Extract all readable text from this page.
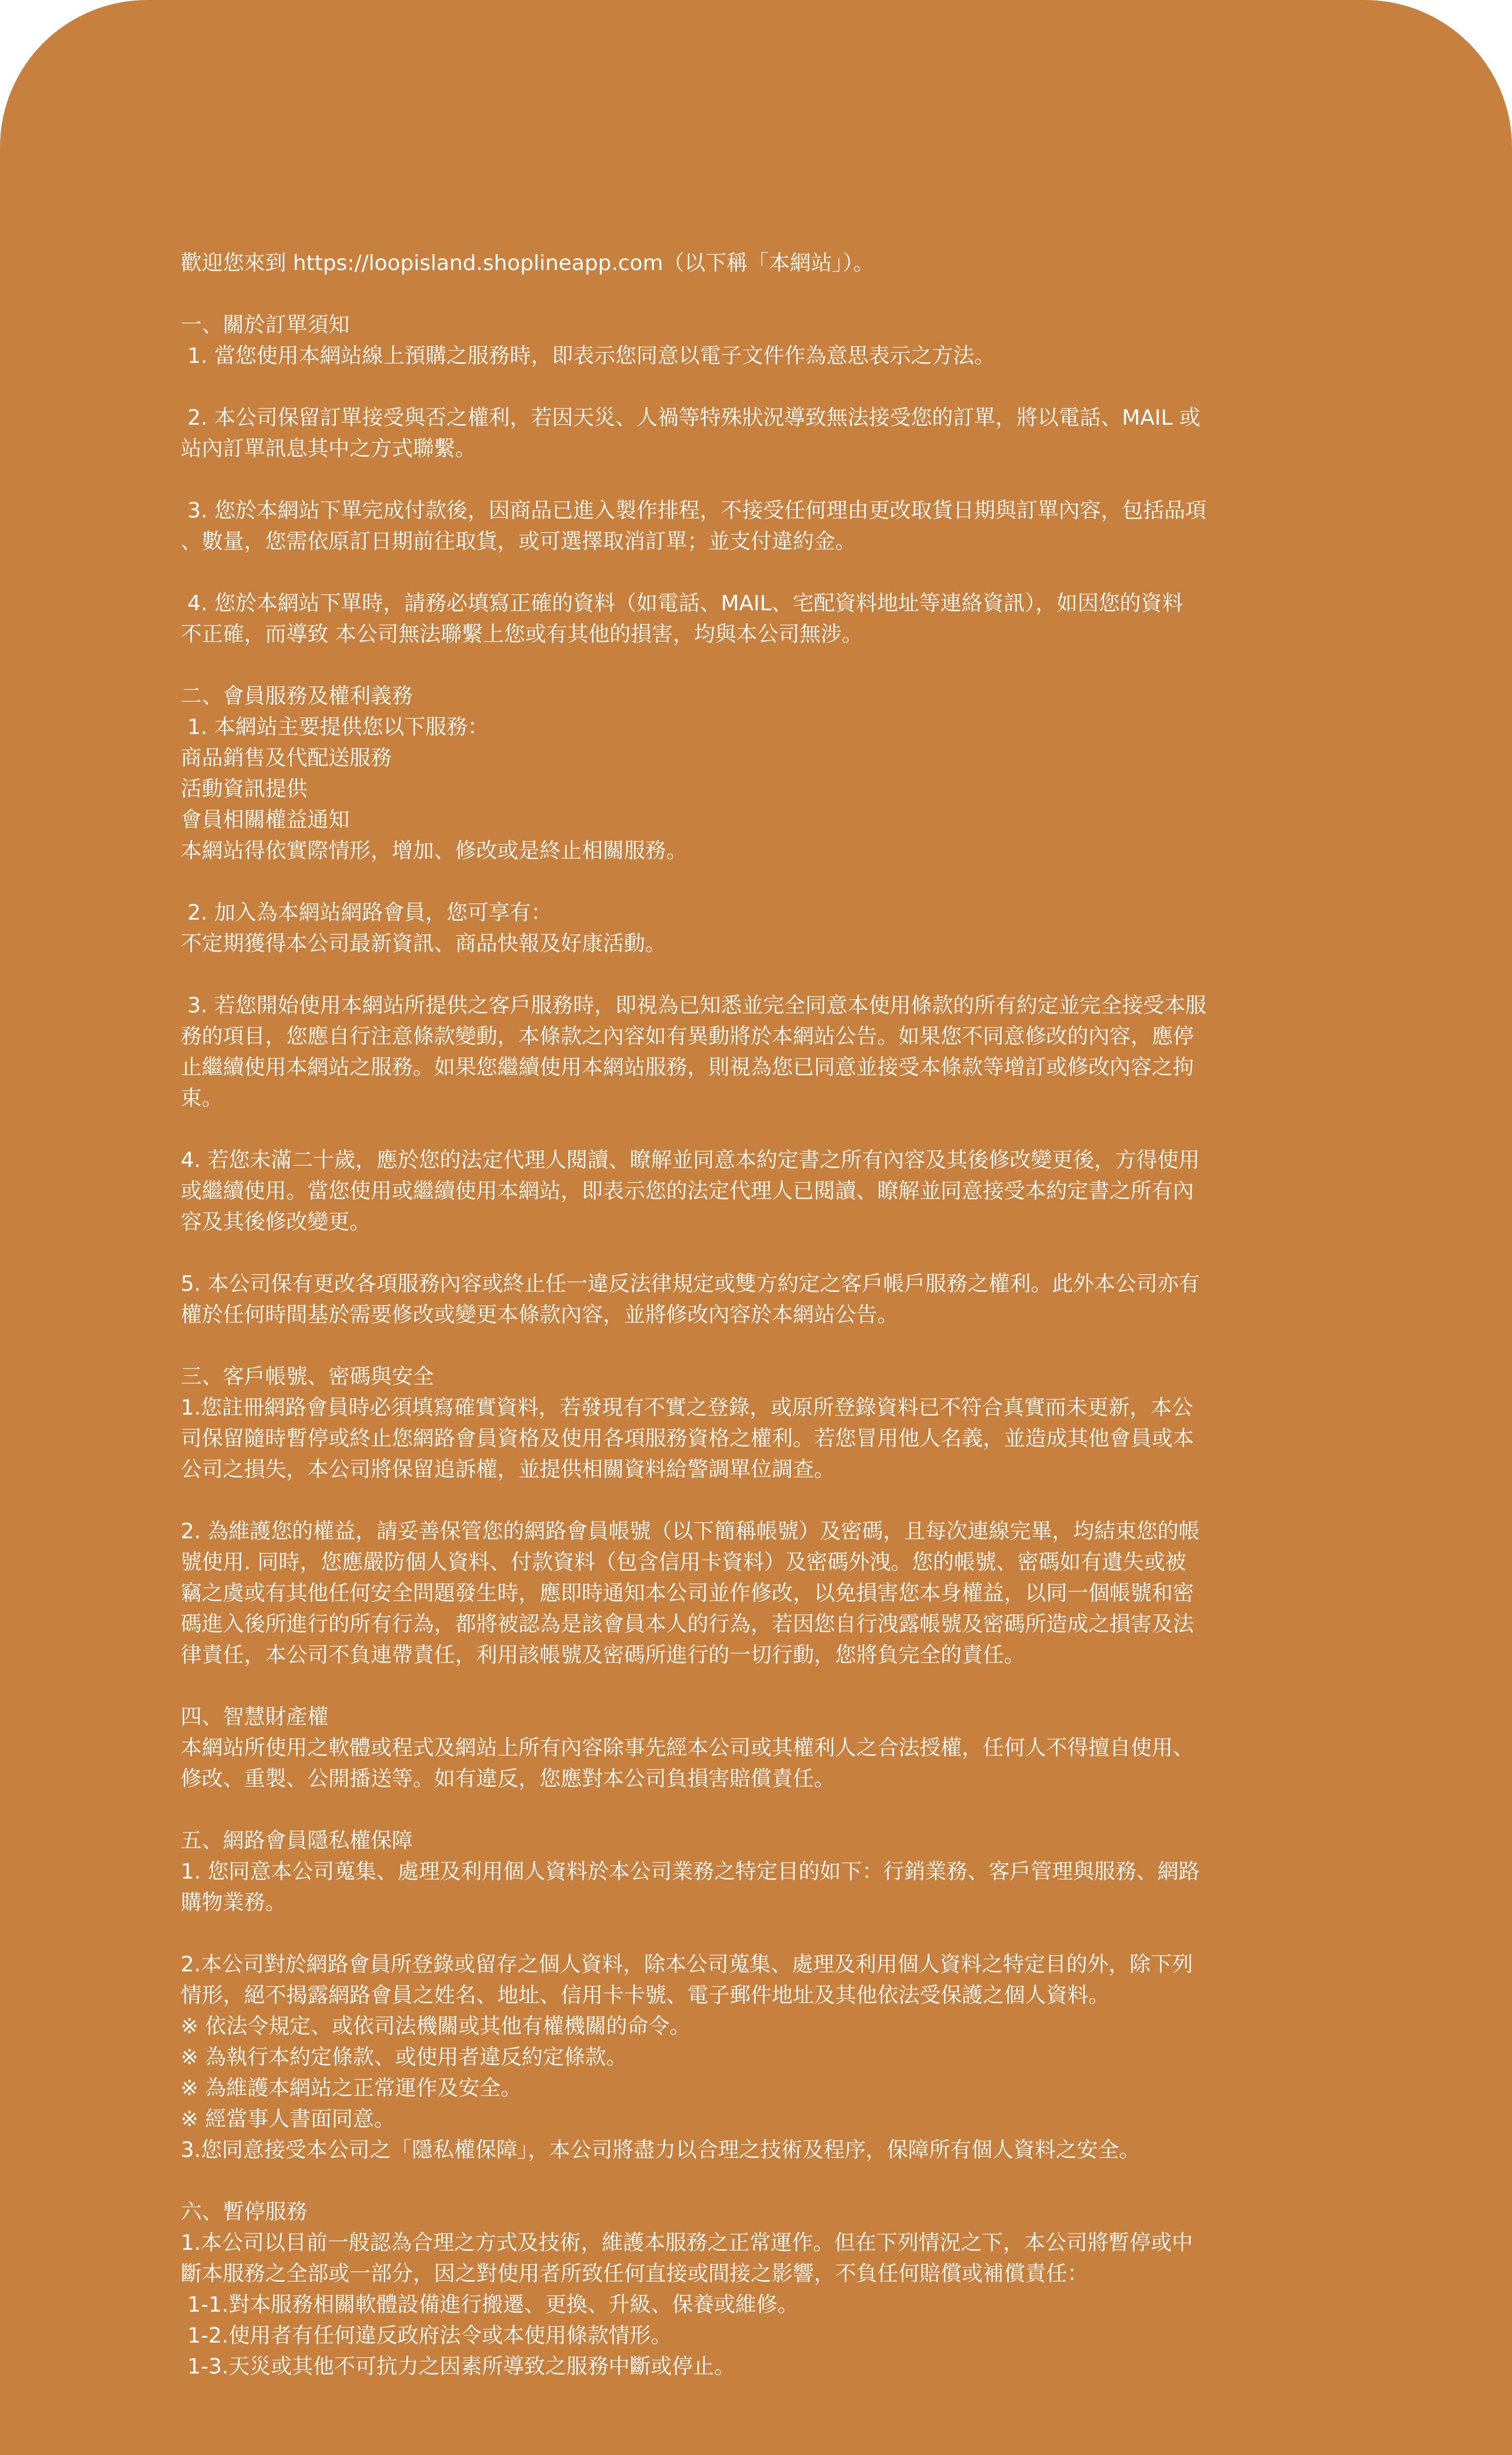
歡迎您來到 https://loopisland.shoplineapp.com（以下稱「本網站」）。

一、關於訂單須知

1. 當您使用本網站線上預購之服務時，即表示您同意以電子文件作為意思表示之方法。

2. 本公司保留訂單接受與否之權利，若因天災、人禍等特殊狀況導致無法接受您的訂單，將以電話、MAIL 或

站內訂單訊息其中之方式聯繫。

3. 您於本網站下單完成付款後，因商品已進入製作排程，不接受任何理由更改取貨日期與訂單內容，包括品項

、數量，您需依原訂日期前往取貨，或可選擇取消訂單；並支付違約金。

4. 您於本網站下單時，請務必填寫正確的資料（如電話、MAIL、宅配資料地址等連絡資訊），如因您的資料

不正確，而導致 本公司無法聯繫上您或有其他的損害，均與本公司無涉。

二、會員服務及權利義務

1. 本網站主要提供您以下服務：

商品銷售及代配送服務

活動資訊提供

會員相關權益通知

本網站得依實際情形，增加、修改或是終止相關服務。

2. 加入為本網站網路會員，您可享有：

不定期獲得本公司最新資訊、商品快報及好康活動。

3. 若您開始使用本網站所提供之客戶服務時，即視為已知悉並完全同意本使用條款的所有約定並完全接受本服

務的項目，您應自行注意條款變動，本條款之內容如有異動將於本網站公告。如果您不同意修改的內容，應停

止繼續使用本網站之服務。如果您繼續使用本網站服務，則視為您已同意並接受本條款等增訂或修改內容之拘

束。

4. 若您未滿二十歲，應於您的法定代理人閱讀、瞭解並同意本約定書之所有內容及其後修改變更後，方得使用

或繼續使用。當您使用或繼續使用本網站，即表示您的法定代理人已閱讀、瞭解並同意接受本約定書之所有內

容及其後修改變更。

5. 本公司保有更改各項服務內容或終止任一違反法律規定或雙方約定之客戶帳戶服務之權利。此外本公司亦有

權於任何時間基於需要修改或變更本條款內容，並將修改內容於本網站公告。

三、客戶帳號、密碼與安全

1.您註冊網路會員時必須填寫確實資料，若發現有不實之登錄，或原所登錄資料已不符合真實而未更新，本公

司保留隨時暫停或終止您網路會員資格及使用各項服務資格之權利。若您冒用他人名義，並造成其他會員或本

公司之損失，本公司將保留追訴權，並提供相關資料給警調單位調查。

2. 為維護您的權益，請妥善保管您的網路會員帳號（以下簡稱帳號）及密碼，且每次連線完畢，均結束您的帳

號使用. 同時，您應嚴防個人資料、付款資料（包含信用卡資料）及密碼外洩。您的帳號、密碼如有遺失或被

竊之虞或有其他任何安全問題發生時，應即時通知本公司並作修改，以免損害您本身權益，以同一個帳號和密

碼進入後所進行的所有行為，都將被認為是該會員本人的行為，若因您自行洩露帳號及密碼所造成之損害及法

律責任，本公司不負連帶責任，利用該帳號及密碼所進行的一切行動，您將負完全的責任。

四、智慧財產權

本網站所使用之軟體或程式及網站上所有內容除事先經本公司或其權利人之合法授權，任何人不得擅自使用、

修改、重製、公開播送等。如有違反，您應對本公司負損害賠償責任。

五、網路會員隱私權保障

1. 您同意本公司蒐集、處理及利用個人資料於本公司業務之特定目的如下：行銷業務、客戶管理與服務、網路

購物業務。

2.本公司對於網路會員所登錄或留存之個人資料，除本公司蒐集、處理及利用個人資料之特定目的外，除下列

情形，絕不揭露網路會員之姓名、地址、信用卡卡號、電子郵件地址及其他依法受保護之個人資料。

※ 依法令規定、或依司法機關或其他有權機關的命令。

※ 為執行本約定條款、或使用者違反約定條款。

※ 為維護本網站之正常運作及安全。

※ 經當事人書面同意。

3.您同意接受本公司之「隱私權保障」，本公司將盡力以合理之技術及程序，保障所有個人資料之安全。

六、暫停服務

1.本公司以目前一般認為合理之方式及技術，維護本服務之正常運作。但在下列情況之下，本公司將暫停或中

斷本服務之全部或一部分，因之對使用者所致任何直接或間接之影響，不負任何賠償或補償責任：

1-1.對本服務相關軟體設備進行搬遷、更換、升級、保養或維修。

1-2.使用者有任何違反政府法令或本使用條款情形。

1-3.天災或其他不可抗力之因素所導致之服務中斷或停止。
